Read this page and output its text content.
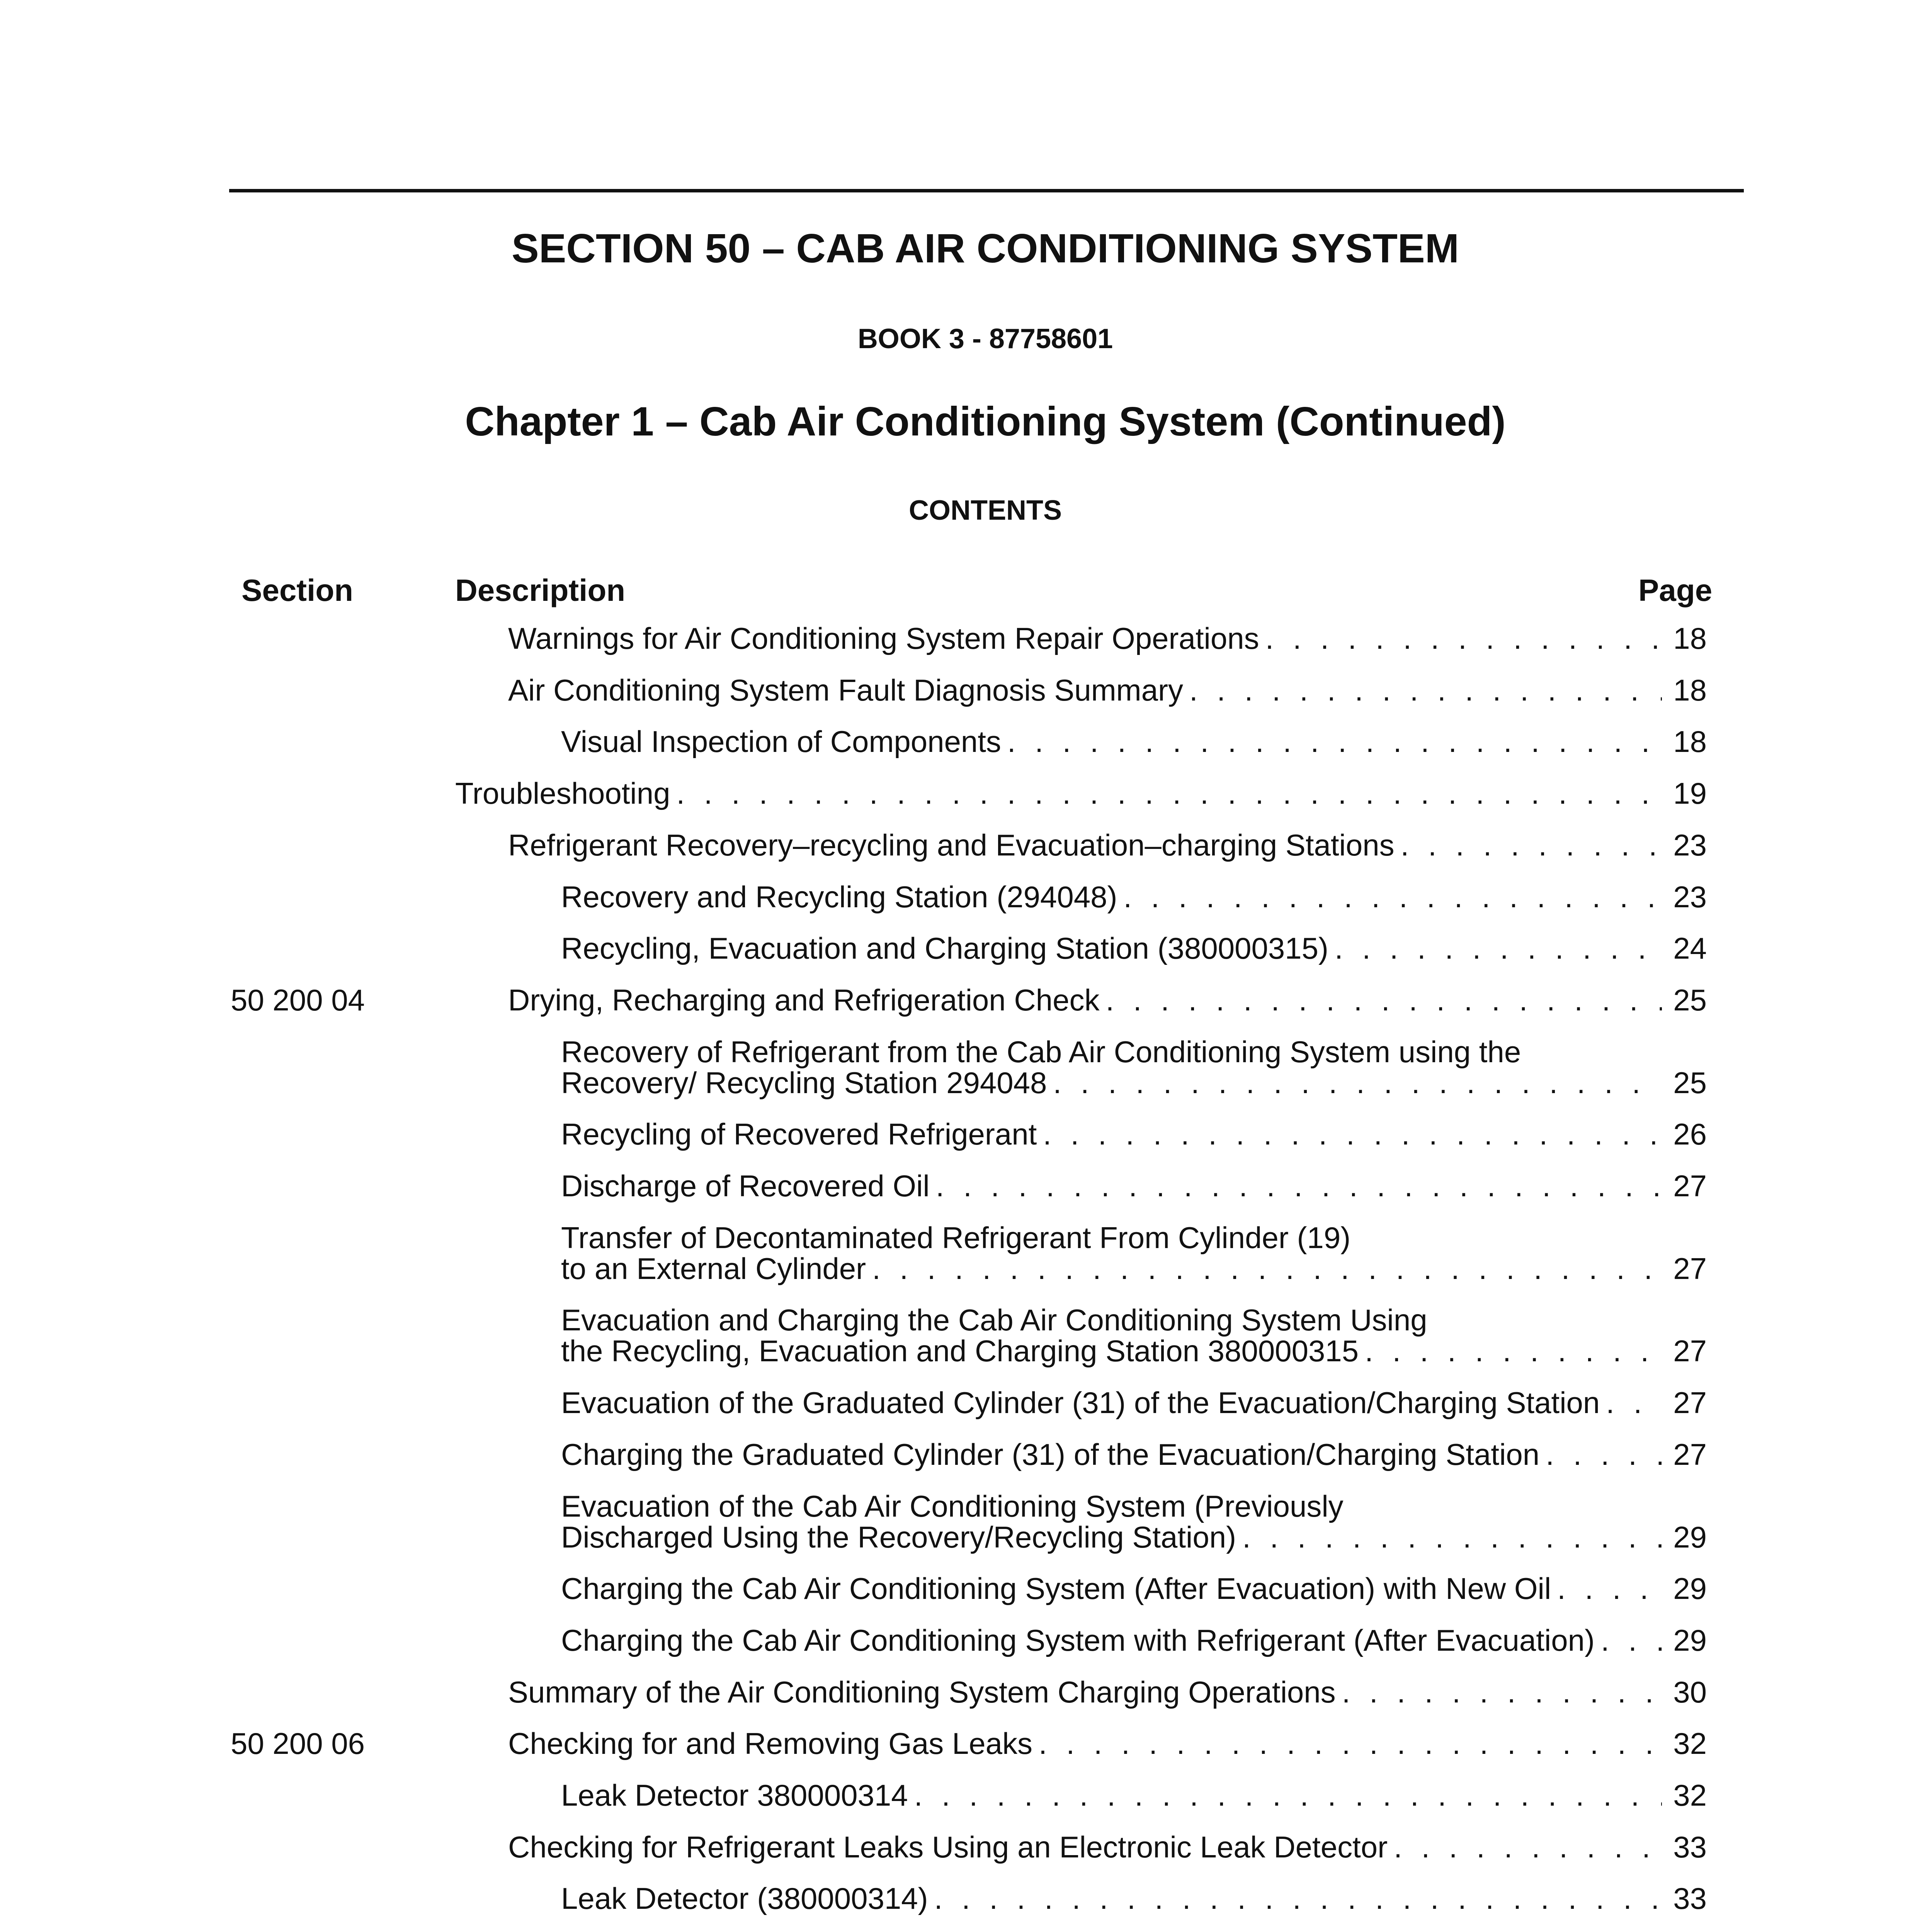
SECTION 50 – CAB AIR CONDITIONING SYSTEM
BOOK 3 - 87758601
Chapter 1 – Cab Air Conditioning System (Continued)
CONTENTS
Section	Description	Page
Warnings for Air Conditioning System Repair Operations . . .	18
Air Conditioning System Fault Diagnosis Summary . . .	18
Visual Inspection of Components . . .	18
Troubleshooting . . .	19
Refrigerant Recovery–recycling and Evacuation–charging Stations . . .	23
Recovery and Recycling Station (294048) . . .	23
Recycling, Evacuation and Charging Station (380000315) . . .	24
50 200 04	Drying, Recharging and Refrigeration Check . . .	25
Recovery of Refrigerant from the Cab Air Conditioning System using the
Recovery/ Recycling Station 294048 . . .	25
Recycling of Recovered Refrigerant . . .	26
Discharge of Recovered Oil . . .	27
Transfer of Decontaminated Refrigerant From Cylinder (19)
to an External Cylinder . . .	27
Evacuation and Charging the Cab Air Conditioning System Using
the Recycling, Evacuation and Charging Station 380000315 . . .	27
Evacuation of the Graduated Cylinder (31) of the Evacuation/Charging Station . . . 27
Charging the Graduated Cylinder (31) of the Evacuation/Charging Station . . .	27
Evacuation of the Cab Air Conditioning System (Previously
Discharged Using the Recovery/Recycling Station) . . .	29
Charging the Cab Air Conditioning System (After Evacuation) with New Oil . . .	29
Charging the Cab Air Conditioning System with Refrigerant (After Evacuation) . . .	29
Summary of the Air Conditioning System Charging Operations . . .	30
50 200 06	Checking for and Removing Gas Leaks . . .	32
Leak Detector 380000314 . . .	32
Checking for Refrigerant Leaks Using an Electronic Leak Detector . . .	33
Leak Detector (380000314) . . .	33
